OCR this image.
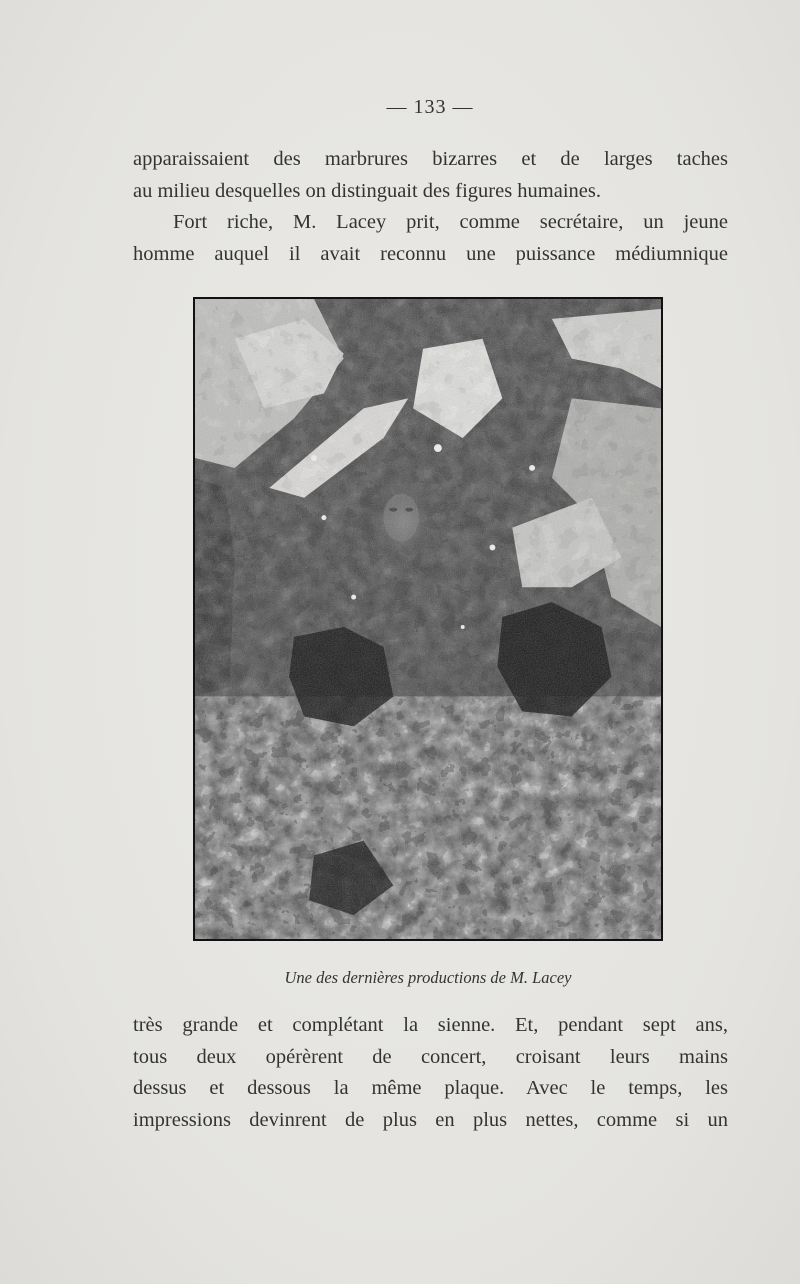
— 133 —
apparaissaient des marbrures bizarres et de larges taches
au milieu desquelles on distinguait des figures humaines.
Fort riche, M. Lacey prit, comme secrétaire, un jeune
homme auquel il avait reconnu une puissance médiumnique
Une des dernières productions de M. Lacey
très grande et complétant la sienne. Et, pendant sept ans,
tous deux opérèrent de concert, croisant leurs mains
dessus et dessous la même plaque. Avec le temps, les
impressions devinrent de plus en plus nettes, comme si un
